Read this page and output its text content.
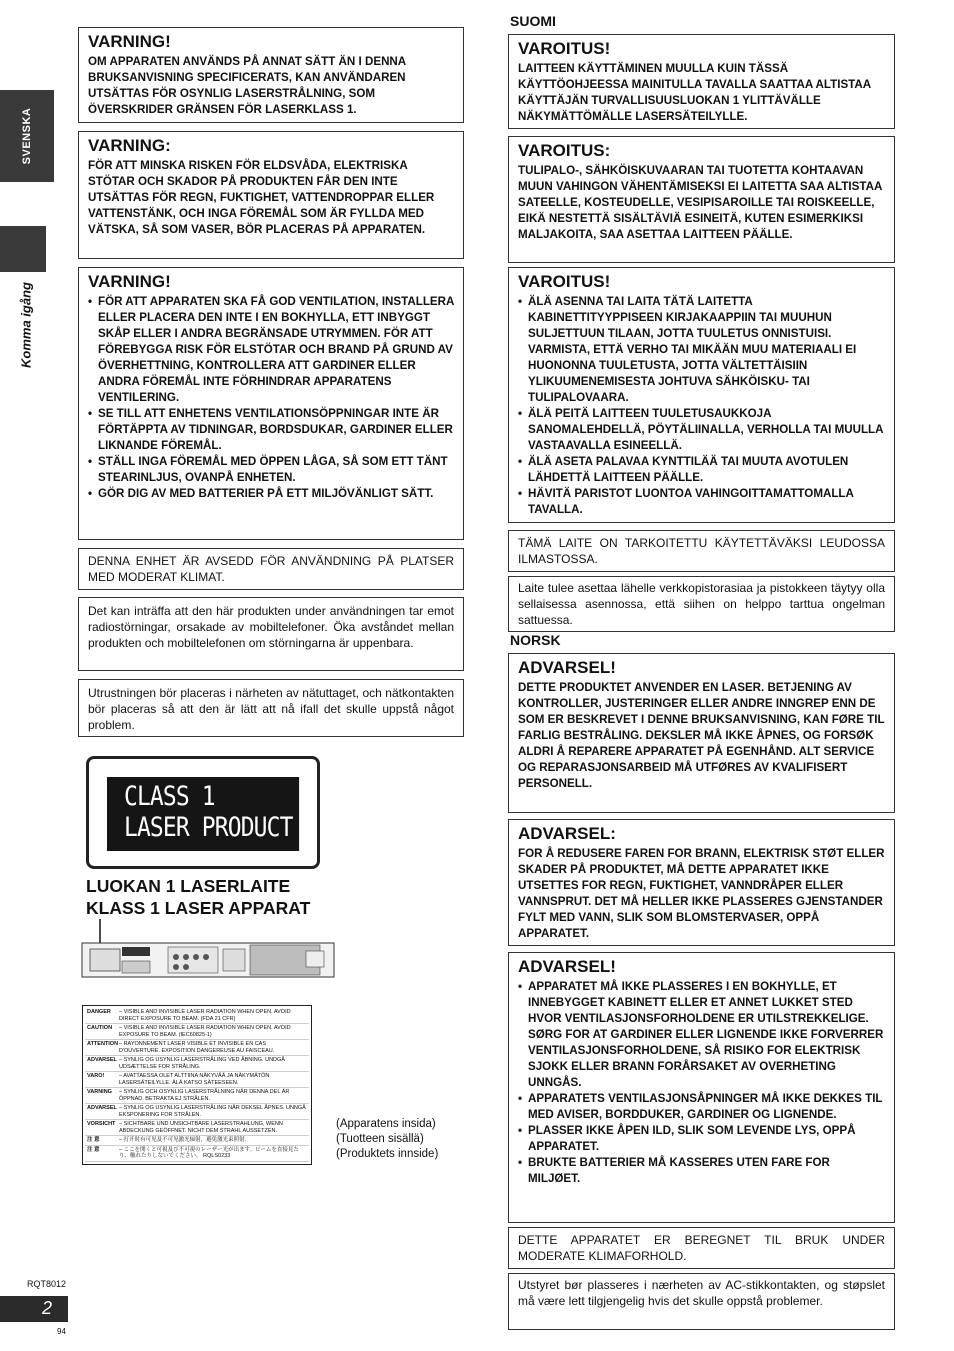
SVENSKA
Komma igång
RQT8012
2
94
VARNING!
OM APPARATEN ANVÄNDS PÅ ANNAT SÄTT ÄN I DENNA BRUKSANVISNING SPECIFICERATS, KAN ANVÄNDAREN UTSÄTTAS FÖR OSYNLIG LASERSTRÅLNING, SOM ÖVERSKRIDER GRÄNSEN FÖR LASERKLASS 1.
VARNING:
FÖR ATT MINSKA RISKEN FÖR ELDSVÅDA, ELEKTRISKA STÖTAR OCH SKADOR PÅ PRODUKTEN FÅR DEN INTE UTSÄTTAS FÖR REGN, FUKTIGHET, VATTENDROPPAR ELLER VATTENSTÄNK, OCH INGA FÖREMÅL SOM ÄR FYLLDA MED VÄTSKA, SÅ SOM VASER, BÖR PLACERAS PÅ APPARATEN.
VARNING!
• FÖR ATT APPARATEN SKA FÅ GOD VENTILATION, INSTALLERA ELLER PLACERA DEN INTE I EN BOKHYLLA, ETT INBYGGT SKÅP ELLER I ANDRA BEGRÄNSADE UTRYMMEN. FÖR ATT FÖREBYGGA RISK FÖR ELSTÖTAR OCH BRAND PÅ GRUND AV ÖVERHETTNING, KONTROLLERA ATT GARDINER ELLER ANDRA FÖREMÅL INTE FÖRHINDRAR APPARATENS VENTILERING.
• SE TILL ATT ENHETENS VENTILATIONSÖPPNINGAR INTE ÄR FÖRTÄPPTA AV TIDNINGAR, BORDSDUKAR, GARDINER ELLER LIKNANDE FÖREMÅL.
• STÄLL INGA FÖREMÅL MED ÖPPEN LÅGA, SÅ SOM ETT TÄNT STEARINLJUS, OVANPÅ ENHETEN.
• GÖR DIG AV MED BATTERIER PÅ ETT MILJÖVÄNLIGT SÄTT.
DENNA ENHET ÄR AVSEDD FÖR ANVÄNDNING PÅ PLATSER MED MODERAT KLIMAT.
Det kan inträffa att den här produkten under användningen tar emot radiostörningar, orsakade av mobiltelefoner. Öka avståndet mellan produkten och mobiltelefonen om störningarna är uppenbara.
Utrustningen bör placeras i närheten av nätuttaget, och nätkontakten bör placeras så att den är lätt att nå ifall det skulle uppstå något problem.
CLASS 1
LASER PRODUCT
LUOKAN 1 LASERLAITE
KLASS 1 LASER APPARAT
DANGER	– VISIBLE AND INVISIBLE LASER RADIATION WHEN OPEN. AVOID DIRECT EXPOSURE TO BEAM. (FDA 21 CFR)
CAUTION	– VISIBLE AND INVISIBLE LASER RADIATION WHEN OPEN. AVOID EXPOSURE TO BEAM. (IEC60825-1)
ATTENTION – RAYONNEMENT LASER VISIBLE ET INVISIBLE EN CAS D'OUVERTURE. EXPOSITION DANGEREUSE AU FAISCEAU.
ADVARSEL – SYNLIG OG USYNLIG LASERSTRÅLING VED ÅBNING. UNDGÅ UDSÆTTELSE FOR STRÅLING.
VARO!	– AVATTAESSA OLET ALTTIINA NÄKYVÄÄ JA NÄKYMÄTÖN LASERSÄTEILYLLE. ÄLÄ KATSO SÄTEESEEN.
VARNING	– SYNLIG OCH OSYNLIG LASERSTRÅLNING NÄR DENNA DEL ÄR ÖPPNAD. BETRAKTA EJ STRÅLEN.
ADVARSEL – SYNLIG OG USYNLIG LASERSTRÅLING NÅR DEKSEL ÅPNES. UNNGÅ EKSPONERING FOR STRÅLEN.
VORSICHT – SICHTBARE UND UNSICHTBARE LASERSTRAHLUNG, WENN ABDECKUNG GEÖFFNET. NICHT DEM STRAHL AUSSETZEN.
注 意	– 打开时有可见及不可见激光辐射，避免激光束照射。
注 意	– ここを開くと可視及び不可視のレーザー光が出ます。ビームを直接見たり、触れたりしないでください。 RQLS0233
(Apparatens insida)
(Tuotteen sisällä)
(Produktets innside)
SUOMI
VAROITUS!
LAITTEEN KÄYTTÄMINEN MUULLA KUIN TÄSSÄ KÄYTTÖOHJEESSA MAINITULLA TAVALLA SAATTAA ALTISTAA KÄYTTÄJÄN TURVALLISUUSLUOKAN 1 YLITTÄVÄLLE NÄKYMÄTTÖMÄLLE LASERSÄTEILYLLE.
VAROITUS:
TULIPALO-, SÄHKÖISKUVAARAN TAI TUOTETTA KOHTAAVAN MUUN VAHINGON VÄHENTÄMISEKSI EI LAITETTA SAA ALTISTAA SATEELLE, KOSTEUDELLE, VESIPISAROILLE TAI ROISKEELLE, EIKÄ NESTETTÄ SISÄLTÄVIÄ ESINEITÄ, KUTEN ESIMERKIKSI MALJAKOITA, SAA ASETTAA LAITTEEN PÄÄLLE.
VAROITUS!
• ÄLÄ ASENNA TAI LAITA TÄTÄ LAITETTA KABINETTITYYPPISEEN KIRJAKAAPPIIN TAI MUUHUN SULJETTUUN TILAAN, JOTTA TUULETUS ONNISTUISI. VARMISTA, ETTÄ VERHO TAI MIKÄÄN MUU MATERIAALI EI HUONONNA TUULETUSTA, JOTTA VÄLTETTÄISIIN YLIKUUMENEMISESTA JOHTUVA SÄHKÖISKU- TAI TULIPALOVAARA.
• ÄLÄ PEITÄ LAITTEEN TUULETUSAUKKOJA SANOMALEHDELLÄ, PÖYTÄLIINALLA, VERHOLLA TAI MUULLA VASTAAVALLA ESINEELLÄ.
• ÄLÄ ASETA PALAVAA KYNTTILÄÄ TAI MUUTA AVOTULEN LÄHDETTÄ LAITTEEN PÄÄLLE.
• HÄVITÄ PARISTOT LUONTOA VAHINGOITTAMATTOMALLA TAVALLA.
TÄMÄ LAITE ON TARKOITETTU KÄYTETTÄVÄKSI LEUDOSSA ILMASTOSSA.
Laite tulee asettaa lähelle verkkopistorasiaa ja pistokkeen täytyy olla sellaisessa asennossa, että siihen on helppo tarttua ongelman sattuessa.
NORSK
ADVARSEL!
DETTE PRODUKTET ANVENDER EN LASER. BETJENING AV KONTROLLER, JUSTERINGER ELLER ANDRE INNGREP ENN DE SOM ER BESKREVET I DENNE BRUKSANVISNING, KAN FØRE TIL FARLIG BESTRÅLING. DEKSLER MÅ IKKE ÅPNES, OG FORSØK ALDRI Å REPARERE APPARATET PÅ EGENHÅND. ALT SERVICE OG REPARASJONSARBEID MÅ UTFØRES AV KVALIFISERT PERSONELL.
ADVARSEL:
FOR Å REDUSERE FAREN FOR BRANN, ELEKTRISK STØT ELLER SKADER PÅ PRODUKTET, MÅ DETTE APPARATET IKKE UTSETTES FOR REGN, FUKTIGHET, VANNDRÅPER ELLER VANNSPRUT. DET MÅ HELLER IKKE PLASSERES GJENSTANDER FYLT MED VANN, SLIK SOM BLOMSTERVASER, OPPÅ APPARATET.
ADVARSEL!
• APPARATET MÅ IKKE PLASSERES I EN BOKHYLLE, ET INNEBYGGET KABINETT ELLER ET ANNET LUKKET STED HVOR VENTILASJONSFORHOLDENE ER UTILSTREKKELIGE. SØRG FOR AT GARDINER ELLER LIGNENDE IKKE FORVERRER VENTILASJONSFORHOLDENE, SÅ RISIKO FOR ELEKTRISK SJOKK ELLER BRANN FORÅRSAKET AV OVERHETING UNNGÅS.
• APPARATETS VENTILASJONSÅPNINGER MÅ IKKE DEKKES TIL MED AVISER, BORDDUKER, GARDINER OG LIGNENDE.
• PLASSER IKKE ÅPEN ILD, SLIK SOM LEVENDE LYS, OPPÅ APPARATET.
• BRUKTE BATTERIER MÅ KASSERES UTEN FARE FOR MILJØET.
DETTE APPARATET ER BEREGNET TIL BRUK UNDER MODERATE KLIMAFORHOLD.
Utstyret bør plasseres i nærheten av AC-stikkontakten, og støpslet må være lett tilgjengelig hvis det skulle oppstå problemer.
